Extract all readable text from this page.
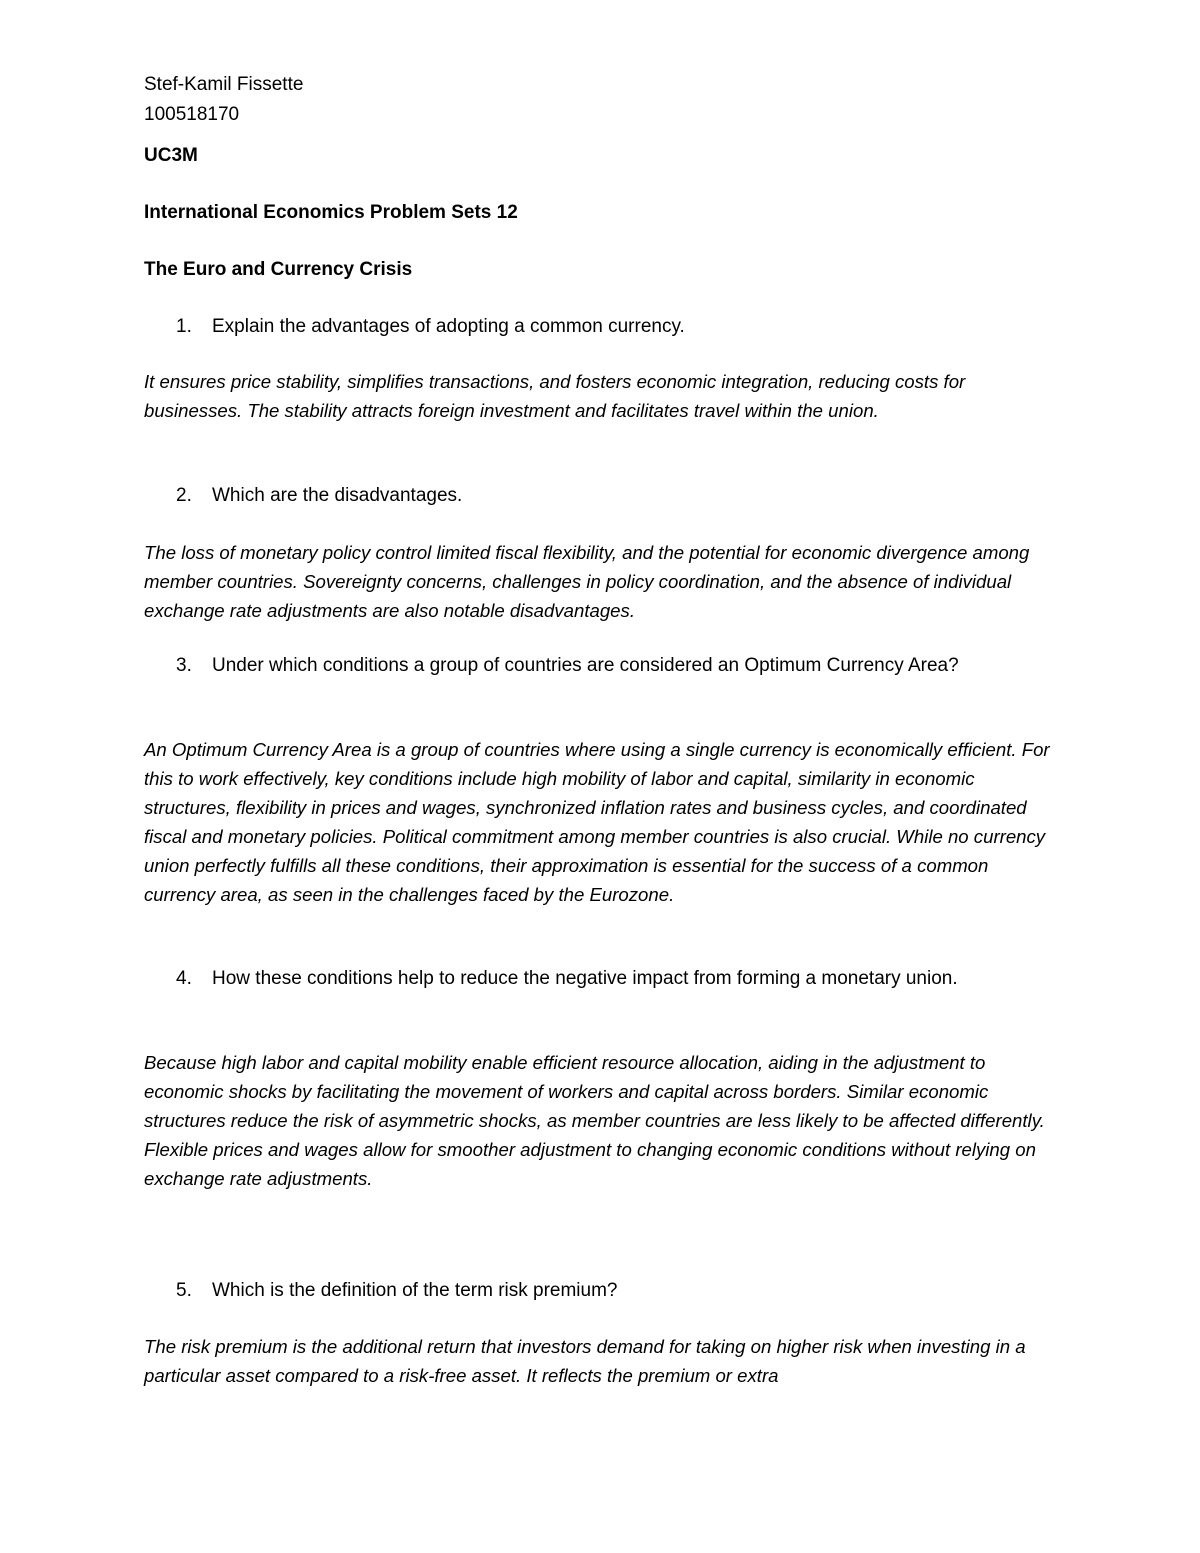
Stef-Kamil Fissette
100518170
UC3M
International Economics Problem Sets 12
The Euro and Currency Crisis
1. Explain the advantages of adopting a common currency.
It ensures price stability, simplifies transactions, and fosters economic integration, reducing costs for businesses. The stability attracts foreign investment and facilitates travel within the union.
2. Which are the disadvantages.
The loss of monetary policy control limited fiscal flexibility, and the potential for economic divergence among member countries. Sovereignty concerns, challenges in policy coordination, and the absence of individual exchange rate adjustments are also notable disadvantages.
3. Under which conditions a group of countries are considered an Optimum Currency Area?
An Optimum Currency Area is a group of countries where using a single currency is economically efficient. For this to work effectively, key conditions include high mobility of labor and capital, similarity in economic structures, flexibility in prices and wages, synchronized inflation rates and business cycles, and coordinated fiscal and monetary policies. Political commitment among member countries is also crucial. While no currency union perfectly fulfills all these conditions, their approximation is essential for the success of a common currency area, as seen in the challenges faced by the Eurozone.
4. How these conditions help to reduce the negative impact from forming a monetary union.
Because high labor and capital mobility enable efficient resource allocation, aiding in the adjustment to economic shocks by facilitating the movement of workers and capital across borders. Similar economic structures reduce the risk of asymmetric shocks, as member countries are less likely to be affected differently. Flexible prices and wages allow for smoother adjustment to changing economic conditions without relying on exchange rate adjustments.
5. Which is the definition of the term risk premium?
The risk premium is the additional return that investors demand for taking on higher risk when investing in a particular asset compared to a risk-free asset. It reflects the premium or extra
